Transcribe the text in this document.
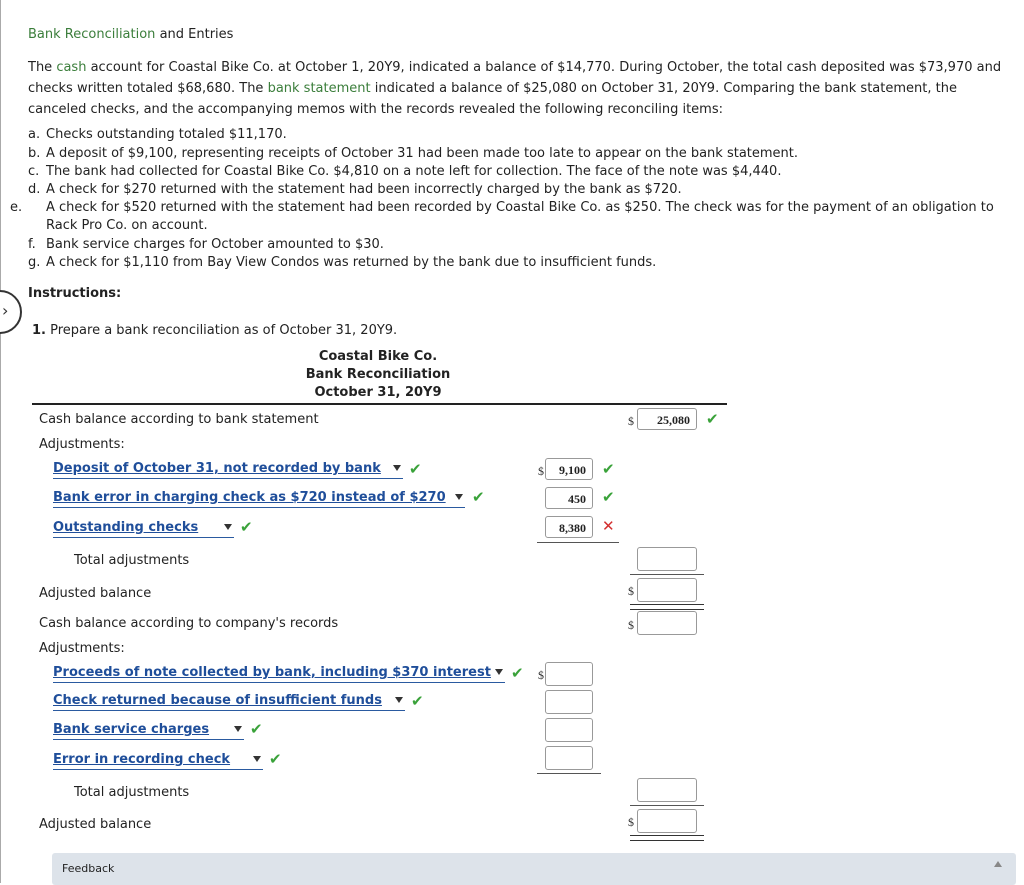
›
Bank Reconciliation and Entries
The cash account for Coastal Bike Co. at October 1, 20Y9, indicated a balance of $14,770. During October, the total cash deposited was $73,970 and checks written totaled $68,680. The bank statement indicated a balance of $25,080 on October 31, 20Y9. Comparing the bank statement, the canceled checks, and the accompanying memos with the records revealed the following reconciling items:
a. Checks outstanding totaled $11,170.
b. A deposit of $9,100, representing receipts of October 31 had been made too late to appear on the bank statement.
c. The bank had collected for Coastal Bike Co. $4,810 on a note left for collection. The face of the note was $4,440.
d. A check for $270 returned with the statement had been incorrectly charged by the bank as $720.
e. A check for $520 returned with the statement had been recorded by Coastal Bike Co. as $250. The check was for the payment of an obligation to Rack Pro Co. on account.
f. Bank service charges for October amounted to $30.
g. A check for $1,110 from Bay View Condos was returned by the bank due to insufficient funds.
Instructions:
1. Prepare a bank reconciliation as of October 31, 20Y9.
Coastal Bike Co.
Bank Reconciliation
October 31, 20Y9
Cash balance according to bank statement	$	25,080	✔
Adjustments:
Deposit of October 31, not recorded by bank	✔	$	9,100	✔
Bank error in charging check as $720 instead of $270	✔	450	✔
Outstanding checks	✔	8,380	✕
Total adjustments
Adjusted balance	$
Cash balance according to company's records	$
Adjustments:
Proceeds of note collected by bank, including $370 interest	✔ $
Check returned because of insufficient funds	✔
Bank service charges	✔
Error in recording check	✔
Total adjustments
Adjusted balance	$
Feedback
